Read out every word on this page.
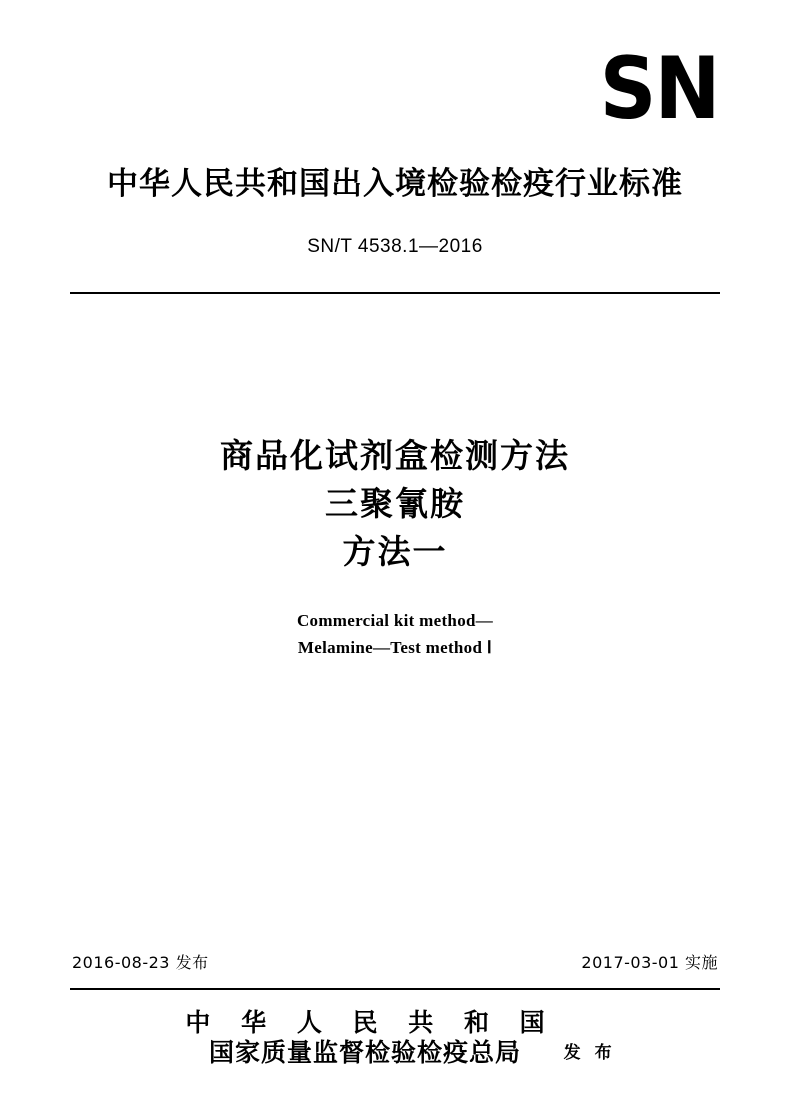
SN
中华人民共和国出入境检验检疫行业标准
SN/T 4538.1—2016
商品化试剂盒检测方法
三聚氰胺
方法一
Commercial kit method—
Melamine—Test method Ⅰ
2016-08-23 发布	2017-03-01 实施
中 华 人 民 共 和 国
国家质量监督检验检疫总局	发 布
